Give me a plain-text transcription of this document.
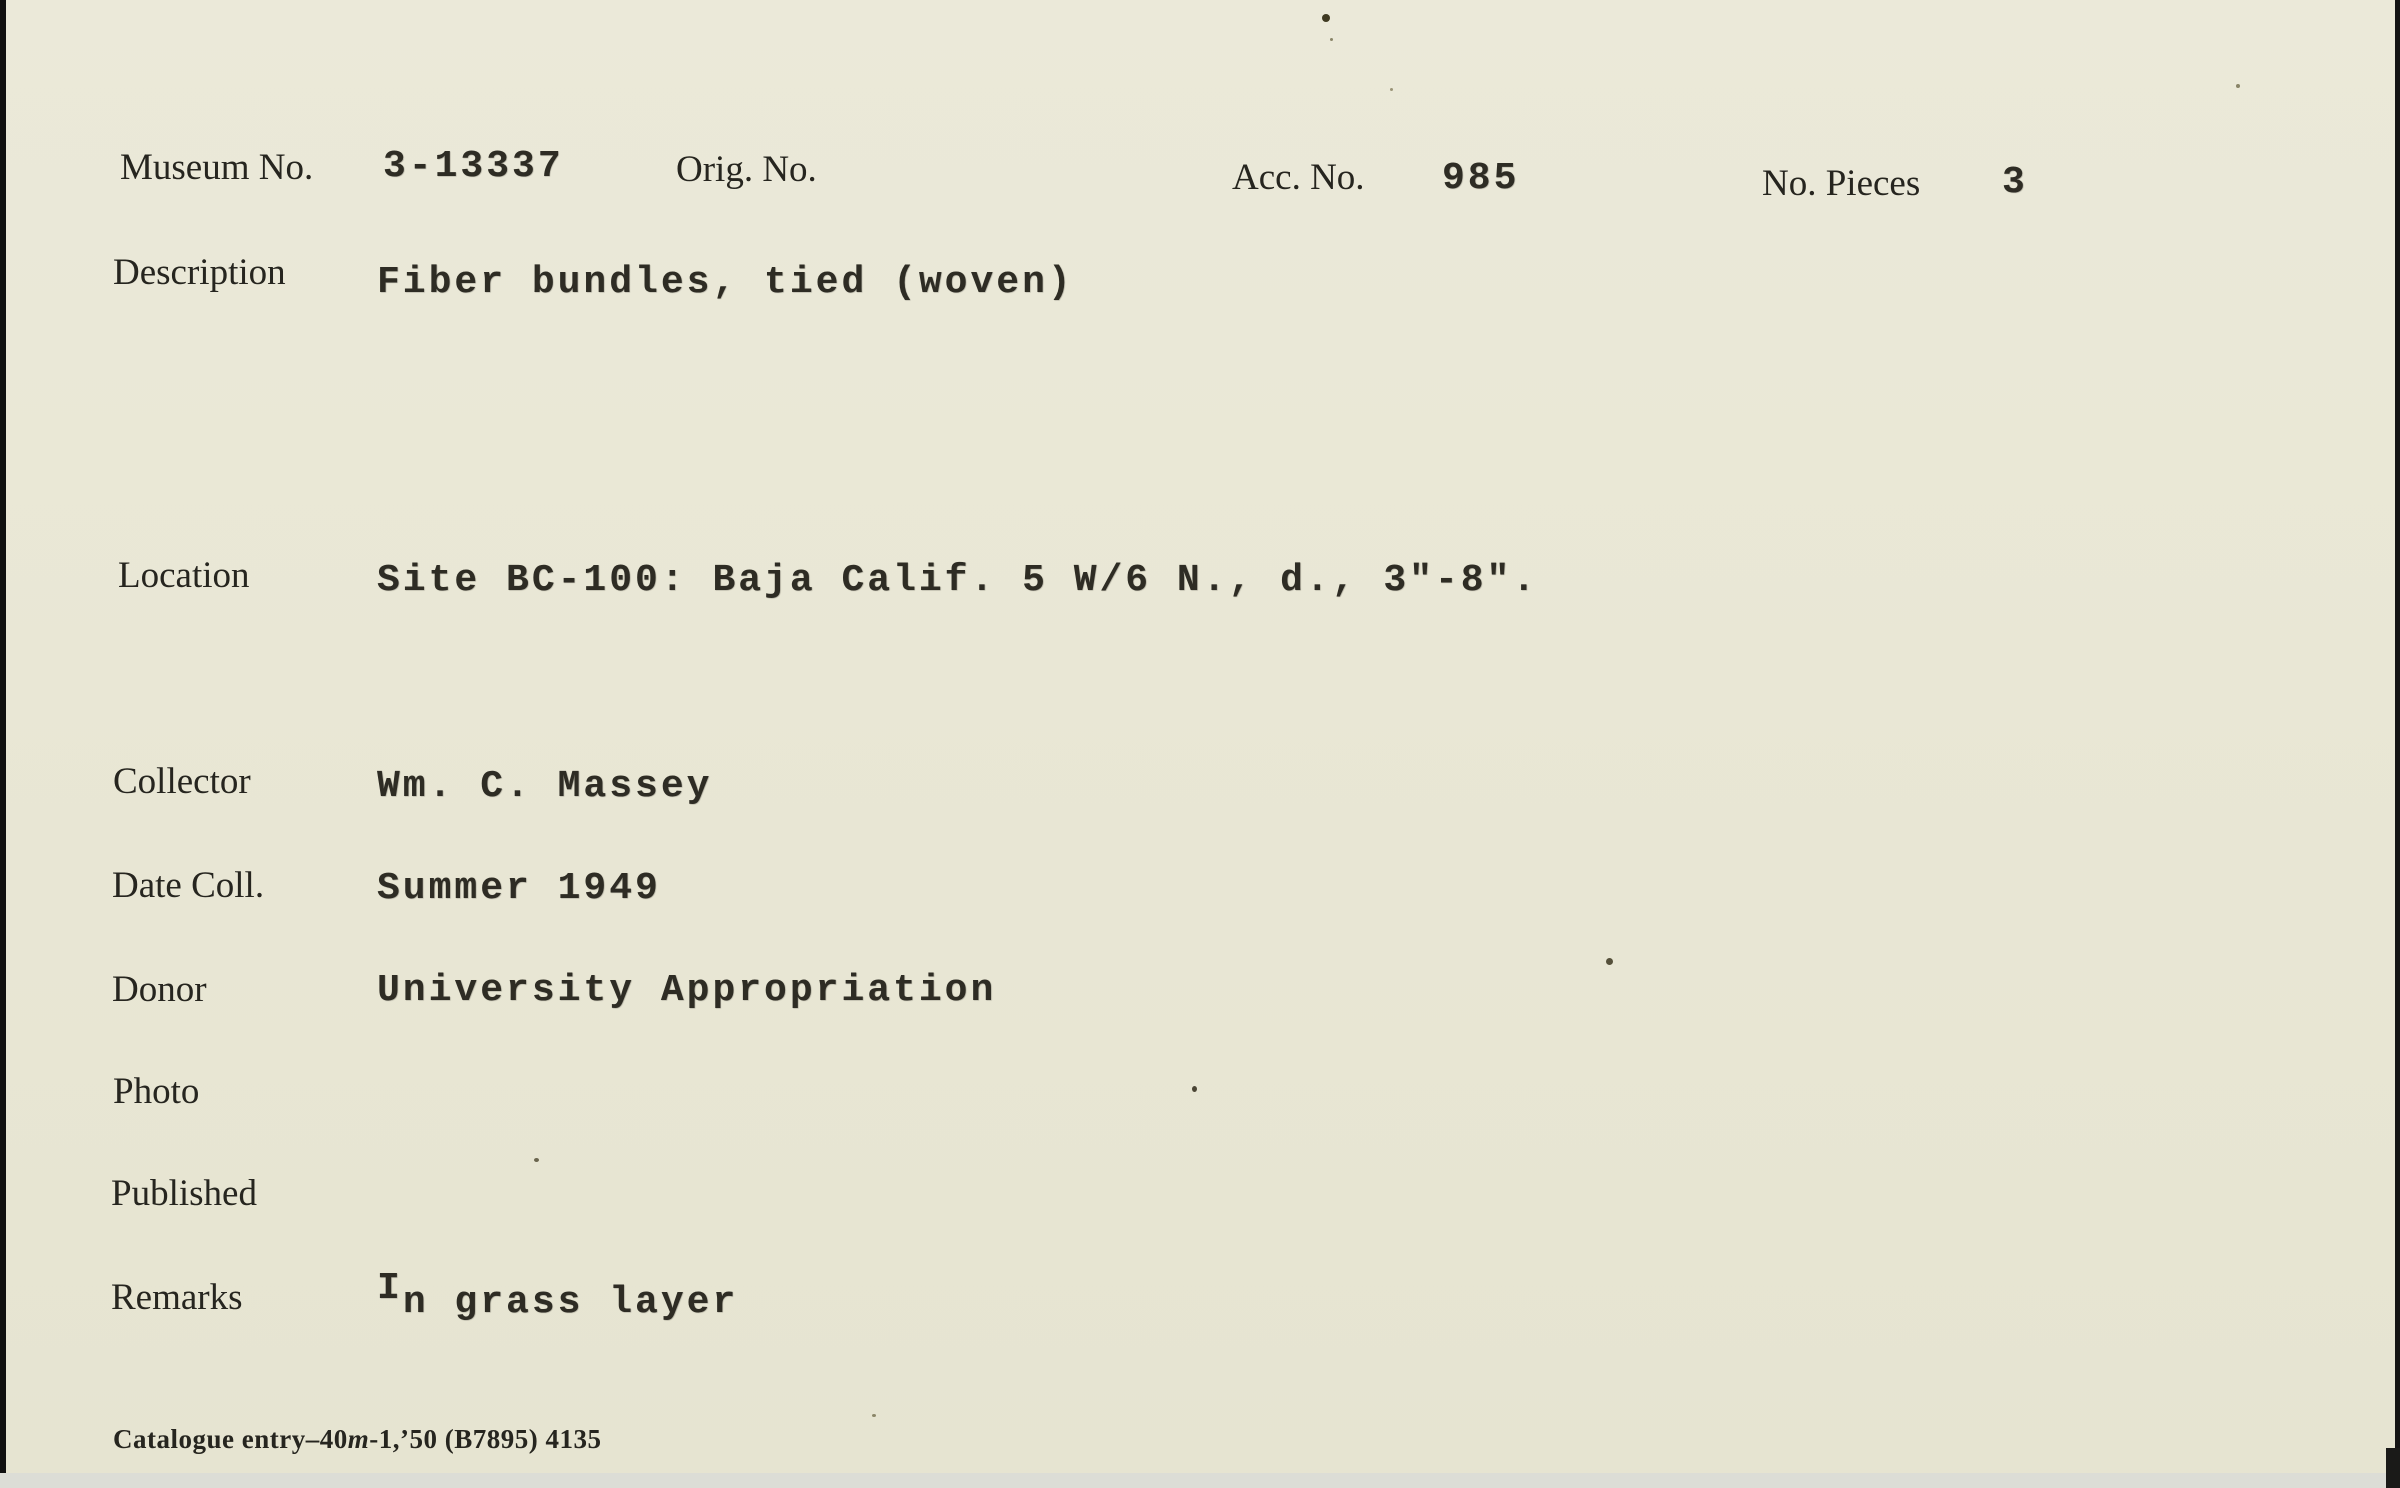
Museum No. 3-13337	Orig. No.	Acc. No. 985	No. Pieces 3
Description Fiber bundles, tied (woven)
Location	Site BC-100: Baja Calif. 5 W/6 N., d., 3"-8".
Collector	Wm. C. Massey
Date Coll.	Summer 1949
Donor	University Appropriation
Photo
Published
Remarks	In grass layer
Catalogue entry–40m-1,’50 (B7895) 4135
